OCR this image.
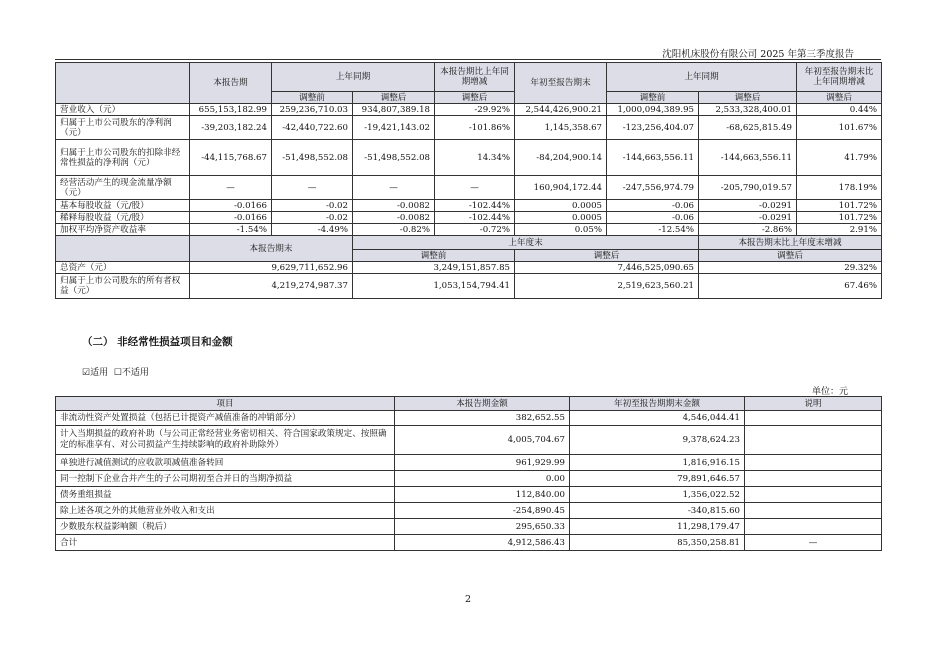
沈阳机床股份有限公司 2025 年第三季度报告
	本报告期	上年同期		本报告期比上年同期增减	年初至报告期末	上年同期		年初至报告期末比上年同期增减
		调整前	调整后	调整后		调整前	调整后	调整后
营业收入（元）	655,153,182.99	259,236,710.03	934,807,389.18	-29.92%	2,544,426,900.21	1,000,094,389.95	2,533,328,400.01	0.44%
归属于上市公司股东的净利润（元）	-39,203,182.24	-42,440,722.60	-19,421,143.02	-101.86%	1,145,358.67	-123,256,404.07	-68,625,815.49	101.67%
归属于上市公司股东的扣除非经常性损益的净利润（元）	-44,115,768.67	-51,498,552.08	-51,498,552.08	14.34%	-84,204,900.14	-144,663,556.11	-144,663,556.11	41.79%
经营活动产生的现金流量净额（元）	—	—	—	—	160,904,172.44	-247,556,974.79	-205,790,019.57	178.19%
基本每股收益（元/股）	-0.0166	-0.02	-0.0082	-102.44%	0.0005	-0.06	-0.0291	101.72%
稀释每股收益（元/股）	-0.0166	-0.02	-0.0082	-102.44%	0.0005	-0.06	-0.0291	101.72%
加权平均净资产收益率	-1.54%	-4.49%	-0.82%	-0.72%	0.05%	-12.54%	-2.86%	2.91%
	本报告期末		上年度末				本报告期末比上年度末增减	
			调整前		调整后		调整后	
总资产（元）	9,629,711,652.96		3,249,151,857.85		7,446,525,090.65		29.32%	
归属于上市公司股东的所有者权益（元）	4,219,274,987.37		1,053,154,794.41		2,519,623,560.21		67.46%	
（二） 非经常性损益项目和金额
☑适用 ☐不适用
单位：元
项目	本报告期金额	年初至报告期期末金额	说明
非流动性资产处置损益（包括已计提资产减值准备的冲销部分）	382,652.55	4,546,044.41	
计入当期损益的政府补助（与公司正常经营业务密切相关、符合国家政策规定、按照确定的标准享有、对公司损益产生持续影响的政府补助除外）	4,005,704.67	9,378,624.23	
单独进行减值测试的应收款项减值准备转回	961,929.99	1,816,916.15	
同一控制下企业合并产生的子公司期初至合并日的当期净损益	0.00	79,891,646.57	
债务重组损益	112,840.00	1,356,022.52	
除上述各项之外的其他营业外收入和支出	-254,890.45	-340,815.60	
少数股东权益影响额（税后）	295,650.33	11,298,179.47	
合计	4,912,586.43	85,350,258.81	—
2
